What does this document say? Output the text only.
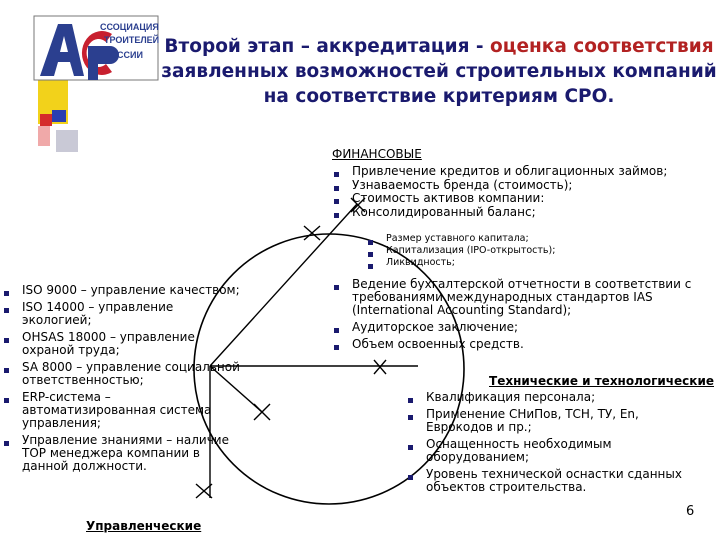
ССОЦИАЦИЯ
ТРОИТЕЛЕЙ
ОССИИ	Второй этап – аккредитация - оценка соответствия
заявленных возможностей строительных компаний
на соответствие критериям СРО.
ФИНАНСОВЫЕ
Привлечение кредитов и облигационных займов;
Узнаваемость бренда (стоимость);
Стоимость активов компании:
Консолидированный баланс;
Размер уставного капитала;
Капитализация (IPO-открытость);
Ликвидность;
Ведение бухгалтерской отчетности в соответствии с требованиями международных стандартов IAS (International Accounting Standard);
Аудиторское заключение;
Объем освоенных средств.
ISO 9000 – управление качеством;
ISO 14000 – управление экологией;
OHSAS 18000 – управление охраной труда;
SA 8000 – управление социальной ответственностью;
ERP-система – автоматизированная система управления;
Управление знаниями – наличие ТОР менеджера компании в данной должности.
Управленческие
Технические и технологические
Квалификация персонала;
Применение СНиПов, ТСН, ТУ, En, Еврокодов и пр.;
Оснащенность необходимым оборудованием;
Уровень технической оснастки сданных объектов строительства.
6
